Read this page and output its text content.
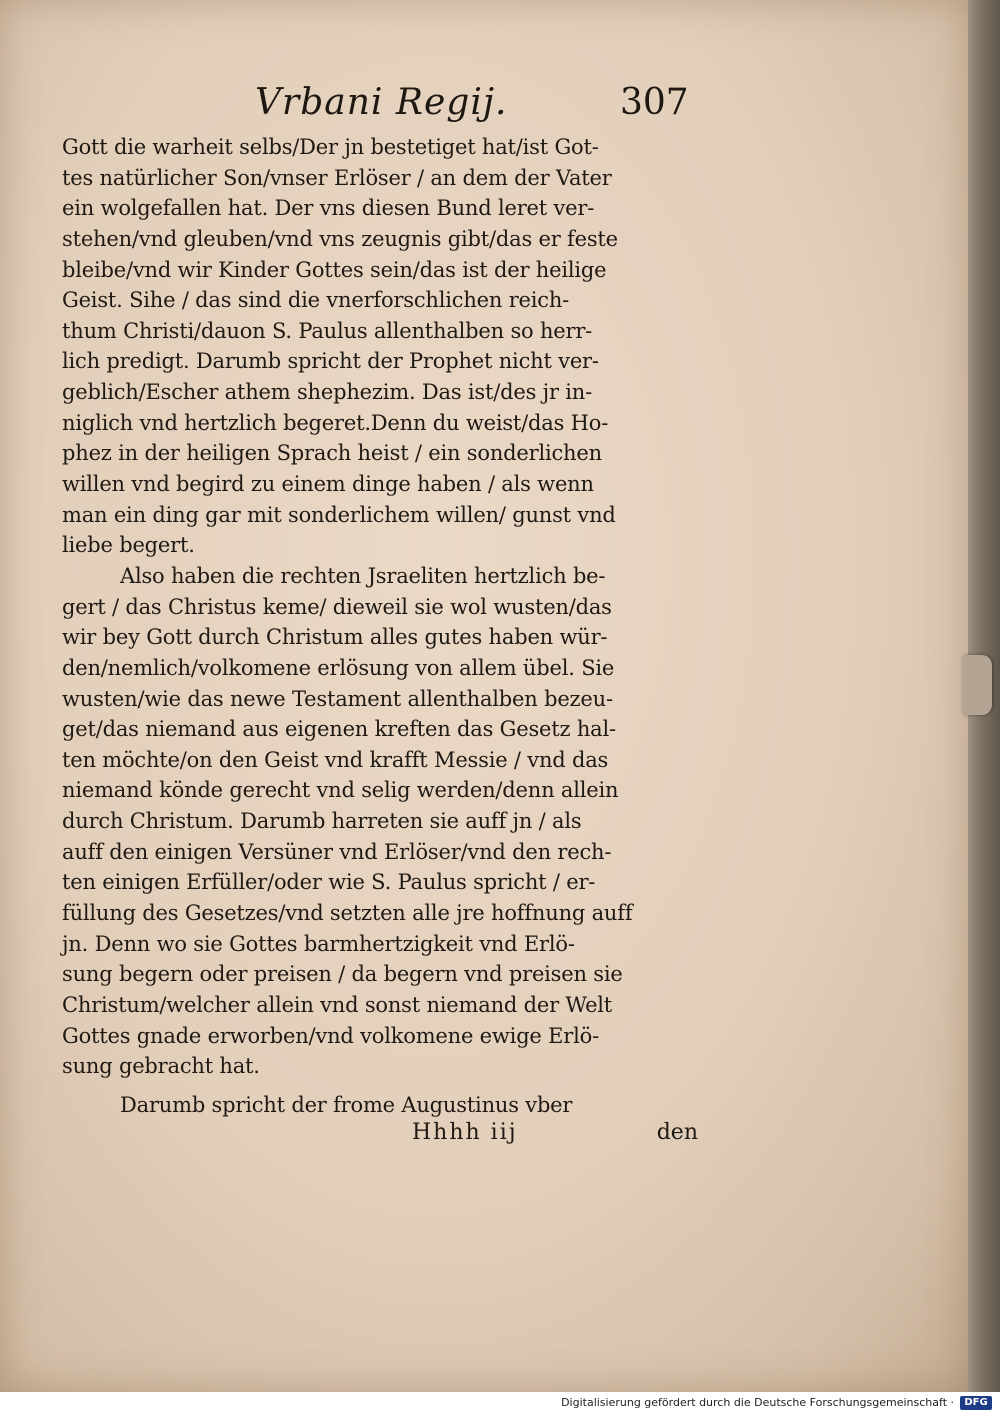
Vrbani Regij.	307
Gott die warheit selbs/Der jn bestetiget hat/ist Got-
tes natürlicher Son/vnser Erlöser / an dem der Vater
ein wolgefallen hat. Der vns diesen Bund leret ver-
stehen/vnd gleuben/vnd vns zeugnis gibt/das er feste
bleibe/vnd wir Kinder Gottes sein/das ist der heilige
Geist. Sihe / das sind die vnerforschlichen reich-
thum Christi/dauon S. Paulus allenthalben so herr-
lich predigt. Darumb spricht der Prophet nicht ver-
geblich/Escher athem shephezim. Das ist/des jr in-
niglich vnd hertzlich begeret.Denn du weist/das Ho-
phez in der heiligen Sprach heist / ein sonderlichen
willen vnd begird zu einem dinge haben / als wenn
man ein ding gar mit sonderlichem willen/ gunst vnd
liebe begert.
Also haben die rechten Jsraeliten hertzlich be-
gert / das Christus keme/ dieweil sie wol wusten/das
wir bey Gott durch Christum alles gutes haben wür-
den/nemlich/volkomene erlösung von allem übel. Sie
wusten/wie das newe Testament allenthalben bezeu-
get/das niemand aus eigenen kreften das Gesetz hal-
ten möchte/on den Geist vnd krafft Messie / vnd das
niemand könde gerecht vnd selig werden/denn allein
durch Christum. Darumb harreten sie auff jn / als
auff den einigen Versüner vnd Erlöser/vnd den rech-
ten einigen Erfüller/oder wie S. Paulus spricht / er-
füllung des Gesetzes/vnd setzten alle jre hoffnung auff
jn. Denn wo sie Gottes barmhertzigkeit vnd Erlö-
sung begern oder preisen / da begern vnd preisen sie
Christum/welcher allein vnd sonst niemand der Welt
Gottes gnade erworben/vnd volkomene ewige Erlö-
sung gebracht hat.
Darumb spricht der frome Augustinus vber
Hhhh iij	den
Digitalisierung gefördert durch die Deutsche Forschungsgemeinschaft ·	DFG
